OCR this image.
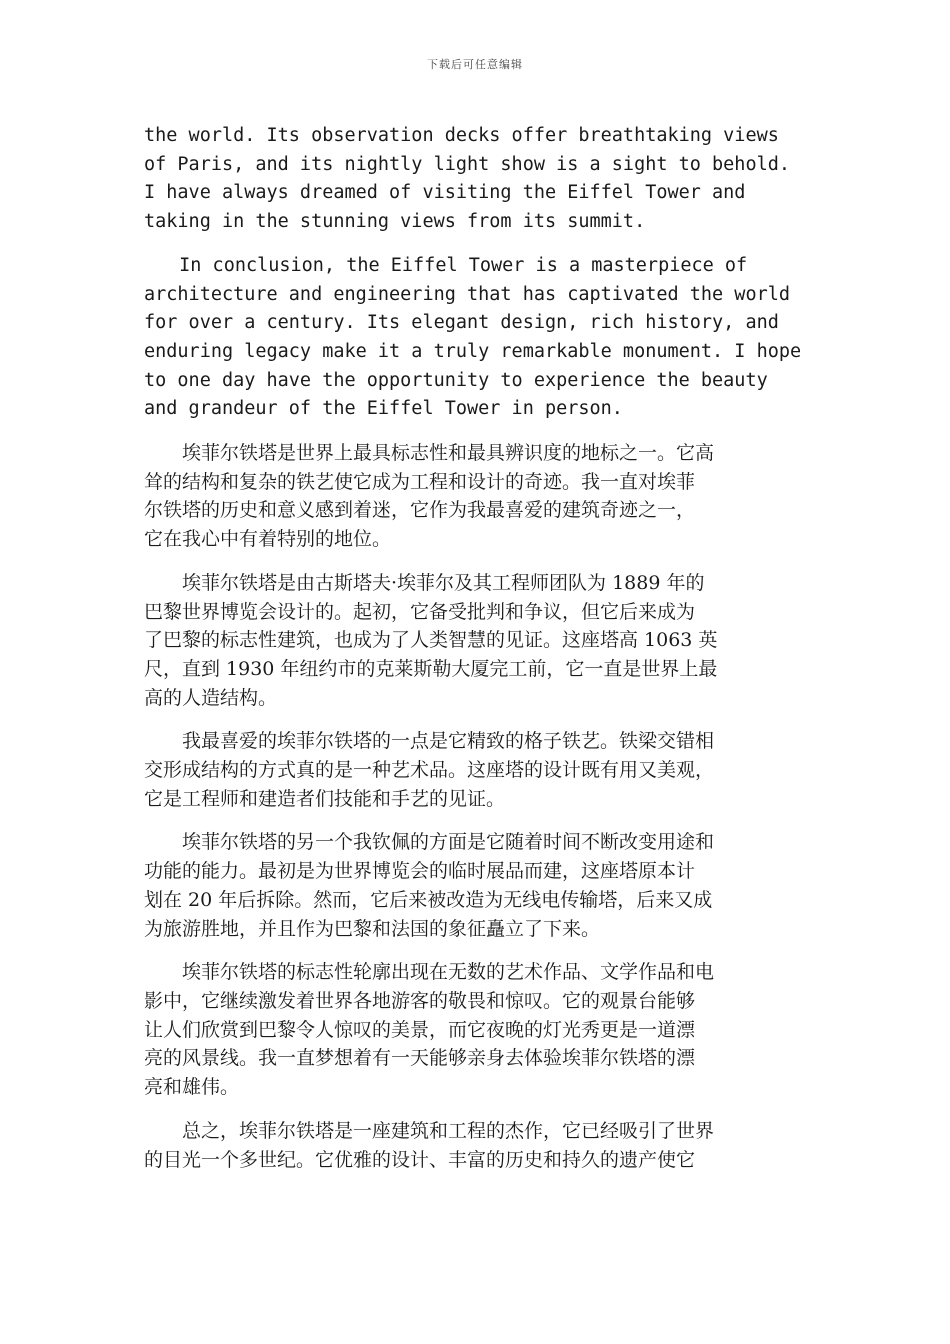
下载后可任意编辑

the world. Its observation decks offer breathtaking views
of Paris, and its nightly light show is a sight to behold.
I have always dreamed of visiting the Eiffel Tower and
taking in the stunning views from its summit.

In conclusion, the Eiffel Tower is a masterpiece of
architecture and engineering that has captivated the world
for over a century. Its elegant design, rich history, and
enduring legacy make it a truly remarkable monument. I hope
to one day have the opportunity to experience the beauty
and grandeur of the Eiffel Tower in person.

埃菲尔铁塔是世界上最具标志性和最具辨识度的地标之一。它高
耸的结构和复杂的铁艺使它成为工程和设计的奇迹。我一直对埃菲
尔铁塔的历史和意义感到着迷，它作为我最喜爱的建筑奇迹之一，
它在我心中有着特别的地位。

埃菲尔铁塔是由古斯塔夫·埃菲尔及其工程师团队为 1889 年的
巴黎世界博览会设计的。起初，它备受批判和争议，但它后来成为
了巴黎的标志性建筑，也成为了人类智慧的见证。这座塔高 1063 英
尺，直到 1930 年纽约市的克莱斯勒大厦完工前，它一直是世界上最
高的人造结构。

我最喜爱的埃菲尔铁塔的一点是它精致的格子铁艺。铁梁交错相
交形成结构的方式真的是一种艺术品。这座塔的设计既有用又美观，
它是工程师和建造者们技能和手艺的见证。

埃菲尔铁塔的另一个我钦佩的方面是它随着时间不断改变用途和
功能的能力。最初是为世界博览会的临时展品而建，这座塔原本计
划在 20 年后拆除。然而，它后来被改造为无线电传输塔，后来又成
为旅游胜地，并且作为巴黎和法国的象征矗立了下来。

埃菲尔铁塔的标志性轮廓出现在无数的艺术作品、文学作品和电
影中，它继续激发着世界各地游客的敬畏和惊叹。它的观景台能够
让人们欣赏到巴黎令人惊叹的美景，而它夜晚的灯光秀更是一道漂
亮的风景线。我一直梦想着有一天能够亲身去体验埃菲尔铁塔的漂
亮和雄伟。

总之，埃菲尔铁塔是一座建筑和工程的杰作，它已经吸引了世界
的目光一个多世纪。它优雅的设计、丰富的历史和持久的遗产使它
